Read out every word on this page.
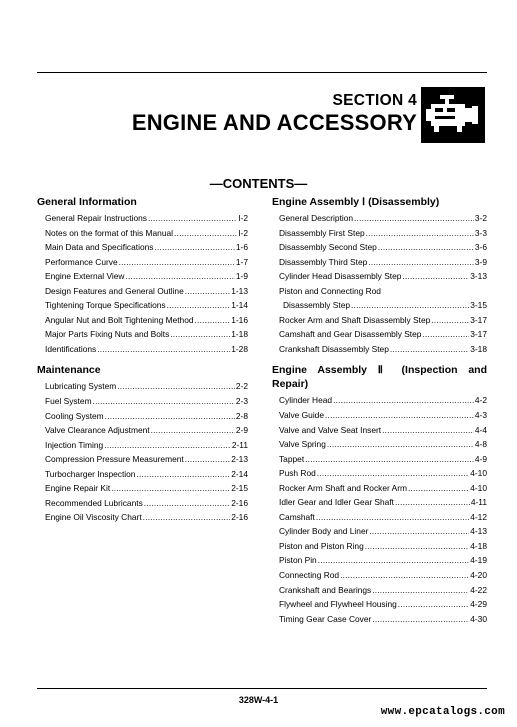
SECTION 4
ENGINE AND ACCESSORY
—CONTENTS—
General Information
General Repair Instructions .....	I-2
Notes on the format of this Manual .....	I-2
Main Data and Specifications .....	1-6
Performance Curve .....	1-7
Engine External View .....	1-9
Design Features and General Outline .....	1-13
Tightening Torque Specifications .....	1-14
Angular Nut and Bolt Tightening Method .....	1-16
Major Parts Fixing Nuts and Bolts .....	1-18
Identifications .....	1-28
Maintenance
Lubricating System .....	2-2
Fuel System .....	2-3
Cooling System .....	2-8
Valve Clearance Adjustment .....	2-9
Injection Timing .....	2-11
Compression Pressure Measurement .....	2-13
Turbocharger Inspection .....	2-14
Engine Repair Kit .....	2-15
Recommended Lubricants .....	2-16
Engine Oil Viscosity Chart .....	2-16
Engine Assembly Ⅰ (Disassembly)
General Description .....	3-2
Disassembly First Step .....	3-3
Disassembly Second Step .....	3-6
Disassembly Third Step .....	3-9
Cylinder Head Disassembly Step .....	3-13
Piston and Connecting Rod
Disassembly Step .....	3-15
Rocker Arm and Shaft Disassembly Step .....	3-17
Camshaft and Gear Disassembly Step .....	3-17
Crankshaft Disassembly Step .....	3-18
Engine Assembly Ⅱ (Inspection and
Repair)
Cylinder Head .....	4-2
Valve Guide .....	4-3
Valve and Valve Seat Insert .....	4-4
Valve Spring .....	4-8
Tappet .....	4-9
Push Rod .....	4-10
Rocker Arm Shaft and Rocker Arm .....	4-10
Idler Gear and Idler Gear Shaft .....	4-11
Camshaft .....	4-12
Cylinder Body and Liner .....	4-13
Piston and Piston Ring .....	4-18
Piston Pin .....	4-19
Connecting Rod .....	4-20
Crankshaft and Bearings .....	4-22
Flywheel and Flywheel Housing .....	4-29
Timing Gear Case Cover .....	4-30
328W-4-1
www.epcatalogs.com
